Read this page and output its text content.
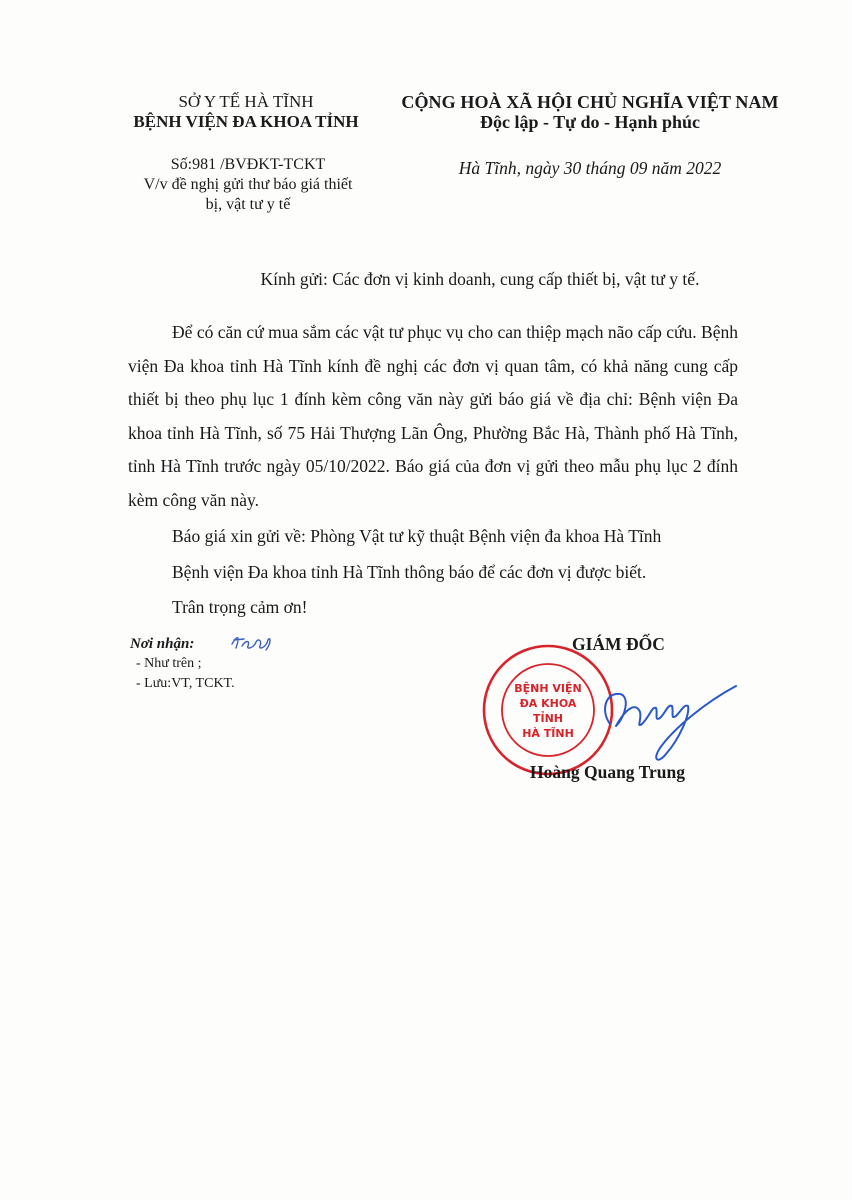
SỞ Y TẾ HÀ TĨNH
BỆNH VIỆN ĐA KHOA TỈNH
CỘNG HOÀ XÃ HỘI CHỦ NGHĨA VIỆT NAM
Độc lập - Tự do - Hạnh phúc
Số:981 /BVĐKT-TCKT
V/v đề nghị gửi thư báo giá thiết
bị, vật tư y tế
Hà Tĩnh, ngày 30 tháng 09 năm 2022
Kính gửi: Các đơn vị kinh doanh, cung cấp thiết bị, vật tư y tế.

Để có căn cứ mua sắm các vật tư phục vụ cho can thiệp mạch não cấp cứu. Bệnh viện Đa khoa tỉnh Hà Tĩnh kính đề nghị các đơn vị quan tâm, có khả năng cung cấp thiết bị theo phụ lục 1 đính kèm công văn này gửi báo giá về địa chỉ: Bệnh viện Đa khoa tỉnh Hà Tĩnh, số 75 Hải Thượng Lãn Ông, Phường Bắc Hà, Thành phố Hà Tĩnh, tỉnh Hà Tĩnh trước ngày 05/10/2022. Báo giá của đơn vị gửi theo mẫu phụ lục 2 đính kèm công văn này.

Báo giá xin gửi về: Phòng Vật tư kỹ thuật Bệnh viện đa khoa Hà Tĩnh
Bệnh viện Đa khoa tỉnh Hà Tĩnh thông báo để các đơn vị được biết.
Trân trọng cảm ơn!
Nơi nhận:
- Như trên ;
- Lưu:VT, TCKT.
GIÁM ĐỐC
BỆNH VIỆN
ĐA KHOA
TỈNH
HÀ TĨNH
Hoàng Quang Trung
